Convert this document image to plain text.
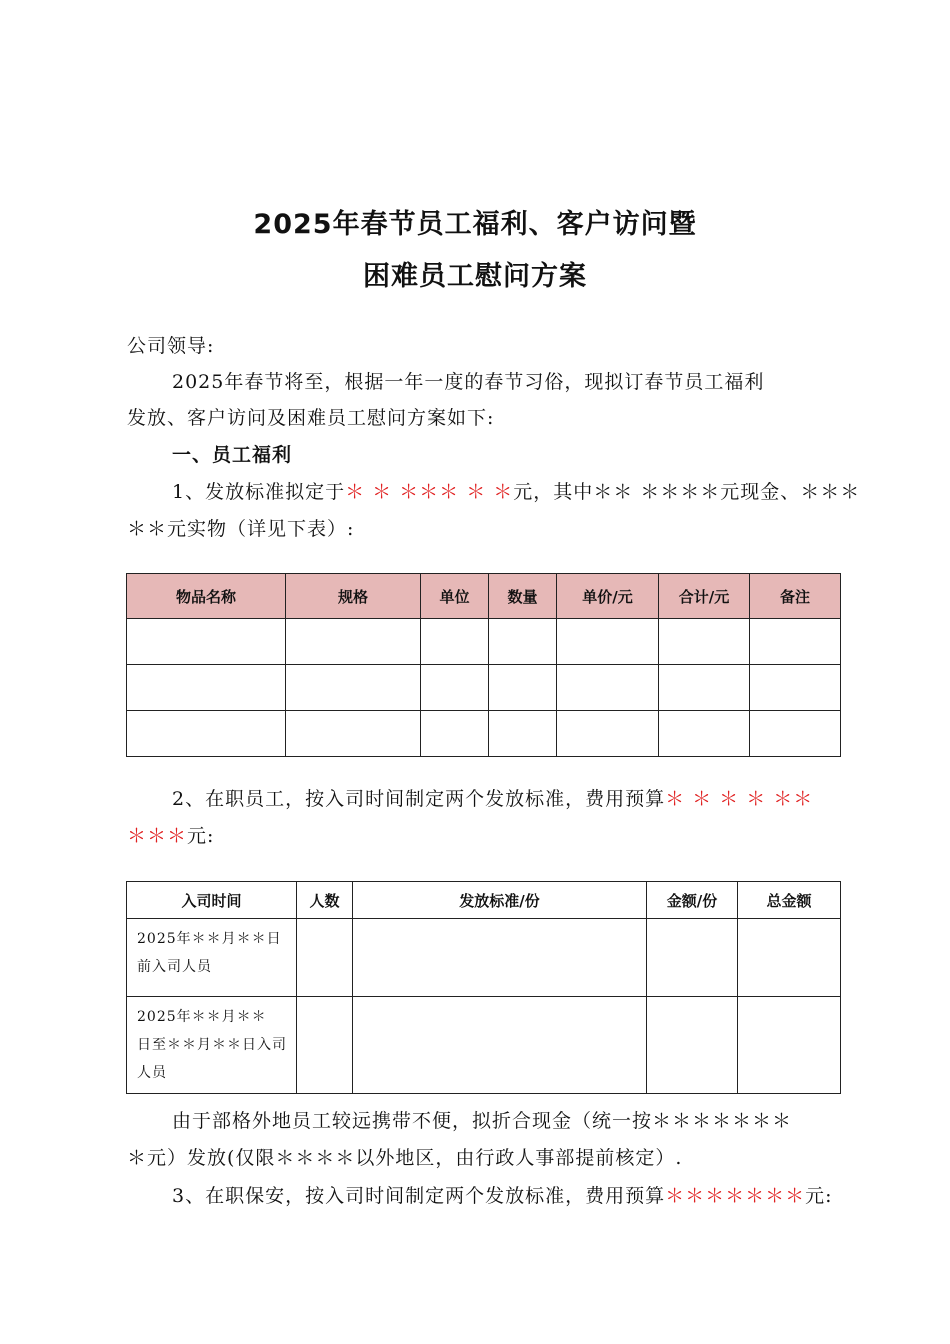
2025年春节员工福利、客户访问暨
困难员工慰问方案
公司领导:
2025年春节将至，根据一年一度的春节习俗，现拟订春节员工福利
发放、客户访问及困难员工慰问方案如下:
一、员工福利
1、发放标准拟定于＊ ＊ ＊＊＊ ＊ ＊元，其中＊＊ ＊＊＊＊元现金、＊＊＊
＊＊元实物（详见下表）:
物品名称	规格	单位	数量	单价/元	合计/元	备注

2、在职员工，按入司时间制定两个发放标准，费用预算＊ ＊ ＊ ＊ ＊＊
＊＊＊元:
入司时间	人数	发放标准/份	金额/份	总金额

2025年＊＊月＊＊日
前入司人员				

2025年＊＊月＊＊
日至＊＊月＊＊日入司
人员				

由于部格外地员工较远携带不便，拟折合现金（统一按＊＊＊＊＊＊＊
＊元）发放(仅限＊＊＊＊以外地区，由行政人事部提前核定）.
3、在职保安，按入司时间制定两个发放标准，费用预算＊＊＊＊＊＊＊元:
